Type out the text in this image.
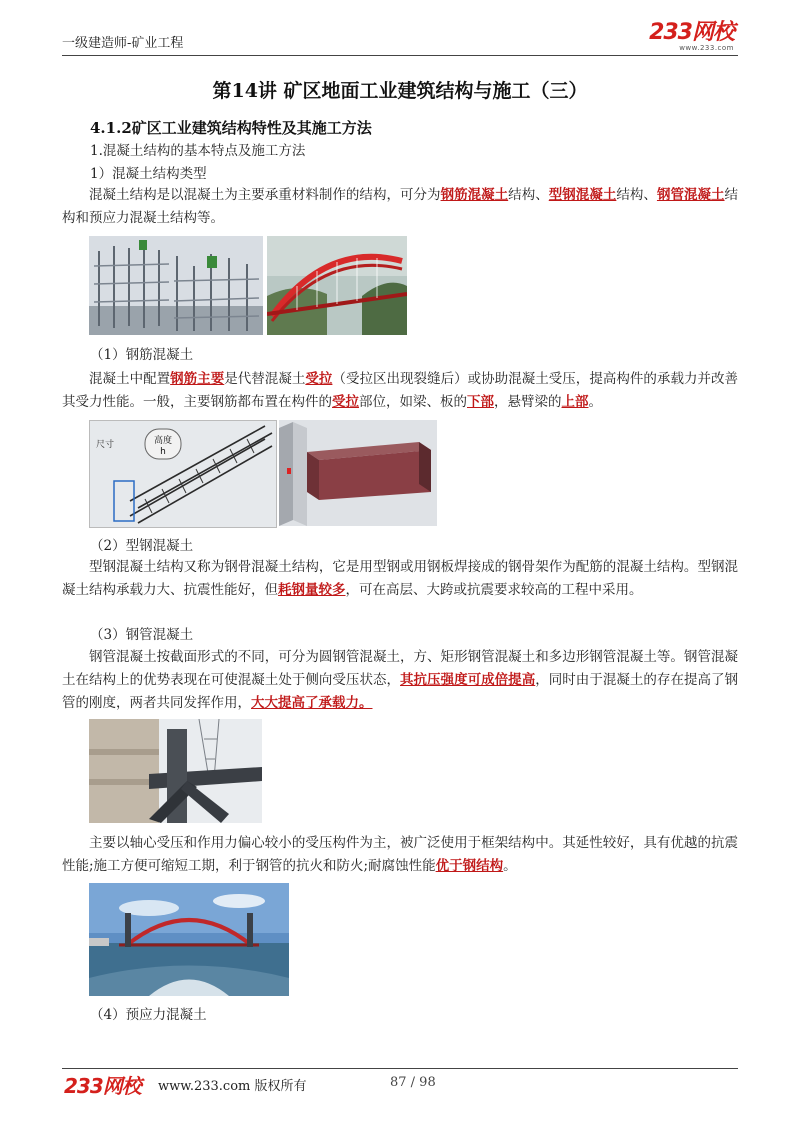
一级建造师-矿业工程	233网校
www.233.com
第14讲 矿区地面工业建筑结构与施工（三）
4.1.2矿区工业建筑结构特性及其施工方法
1.混凝土结构的基本特点及施工方法
1）混凝土结构类型
混凝土结构是以混凝土为主要承重材料制作的结构，可分为钢筋混凝土结构、型钢混凝土结构、钢管混凝土结构和预应力混凝土结构等。
（1）钢筋混凝土
混凝土中配置钢筋主要是代替混凝土受拉（受拉区出现裂缝后）或协助混凝土受压，提高构件的承载力并改善其受力性能。一般，主要钢筋都布置在构件的受拉部位，如梁、板的下部，悬臂梁的上部。
高度
h
尺寸
（2）型钢混凝土
型钢混凝土结构又称为钢骨混凝土结构，它是用型钢或用钢板焊接成的钢骨架作为配筋的混凝土结构。型钢混凝土结构承载力大、抗震性能好，但耗钢量较多，可在高层、大跨或抗震要求较高的工程中采用。
（3）钢管混凝土
钢管混凝土按截面形式的不同，可分为圆钢管混凝土，方、矩形钢管混凝土和多边形钢管混凝土等。钢管混凝土在结构上的优势表现在可使混凝土处于侧向受压状态，其抗压强度可成倍提高，同时由于混凝土的存在提高了钢管的刚度，两者共同发挥作用，大大提高了承载力。
主要以轴心受压和作用力偏心较小的受压构件为主，被广泛使用于框架结构中。其延性较好，具有优越的抗震性能;施工方便可缩短工期，利于钢管的抗火和防火;耐腐蚀性能优于钢结构。
（4）预应力混凝土
233网校 www.233.com 版权所有	87 / 98
